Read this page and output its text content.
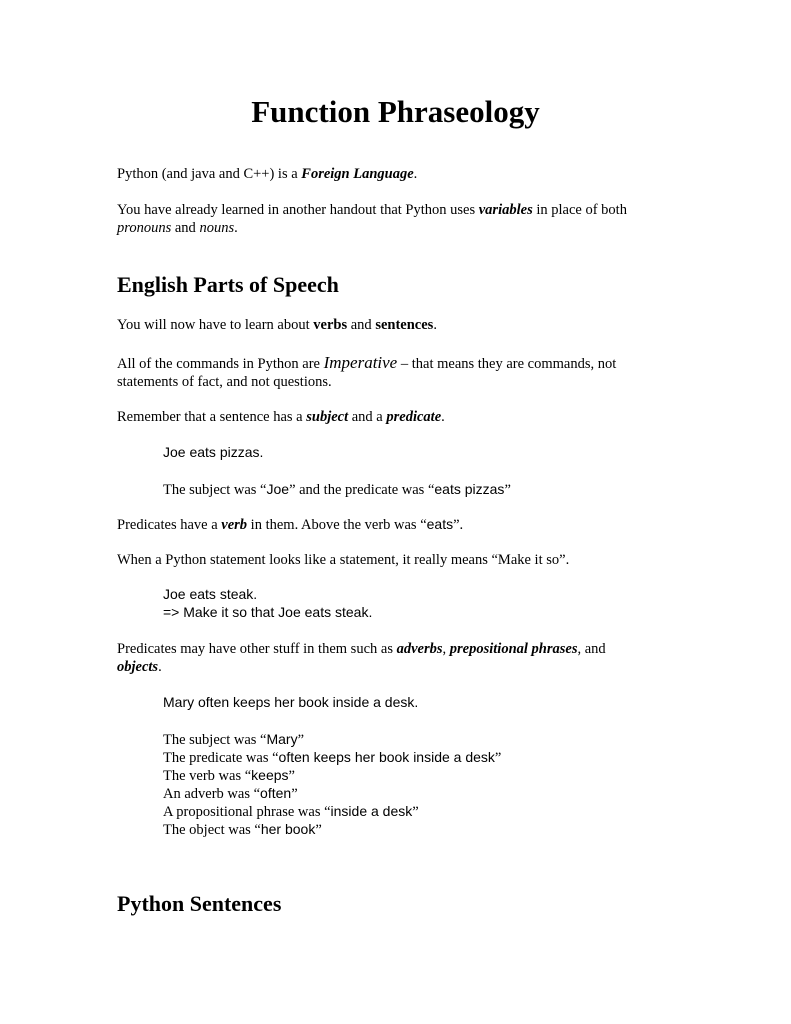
Function Phraseology

Python (and java and C++) is a Foreign Language.

You have already learned in another handout that Python uses variables in place of both

pronouns and nouns.

English Parts of Speech

You will now have to learn about verbs and sentences.

All of the commands in Python are Imperative – that means they are commands, not

statements of fact, and not questions.

Remember that a sentence has a subject and a predicate.

Joe eats pizzas.

The subject was “Joe” and the predicate was “eats pizzas”

Predicates have a verb in them. Above the verb was “eats”.

When a Python statement looks like a statement, it really means “Make it so”.

Joe eats steak.

=> Make it so that Joe eats steak.

Predicates may have other stuff in them such as adverbs, prepositional phrases, and

objects.

Mary often keeps her book inside a desk.

The subject was “Mary”

The predicate was “often keeps her book inside a desk”

The verb was “keeps”

An adverb was “often”

A propositional phrase was “inside a desk”

The object was “her book”

Python Sentences
